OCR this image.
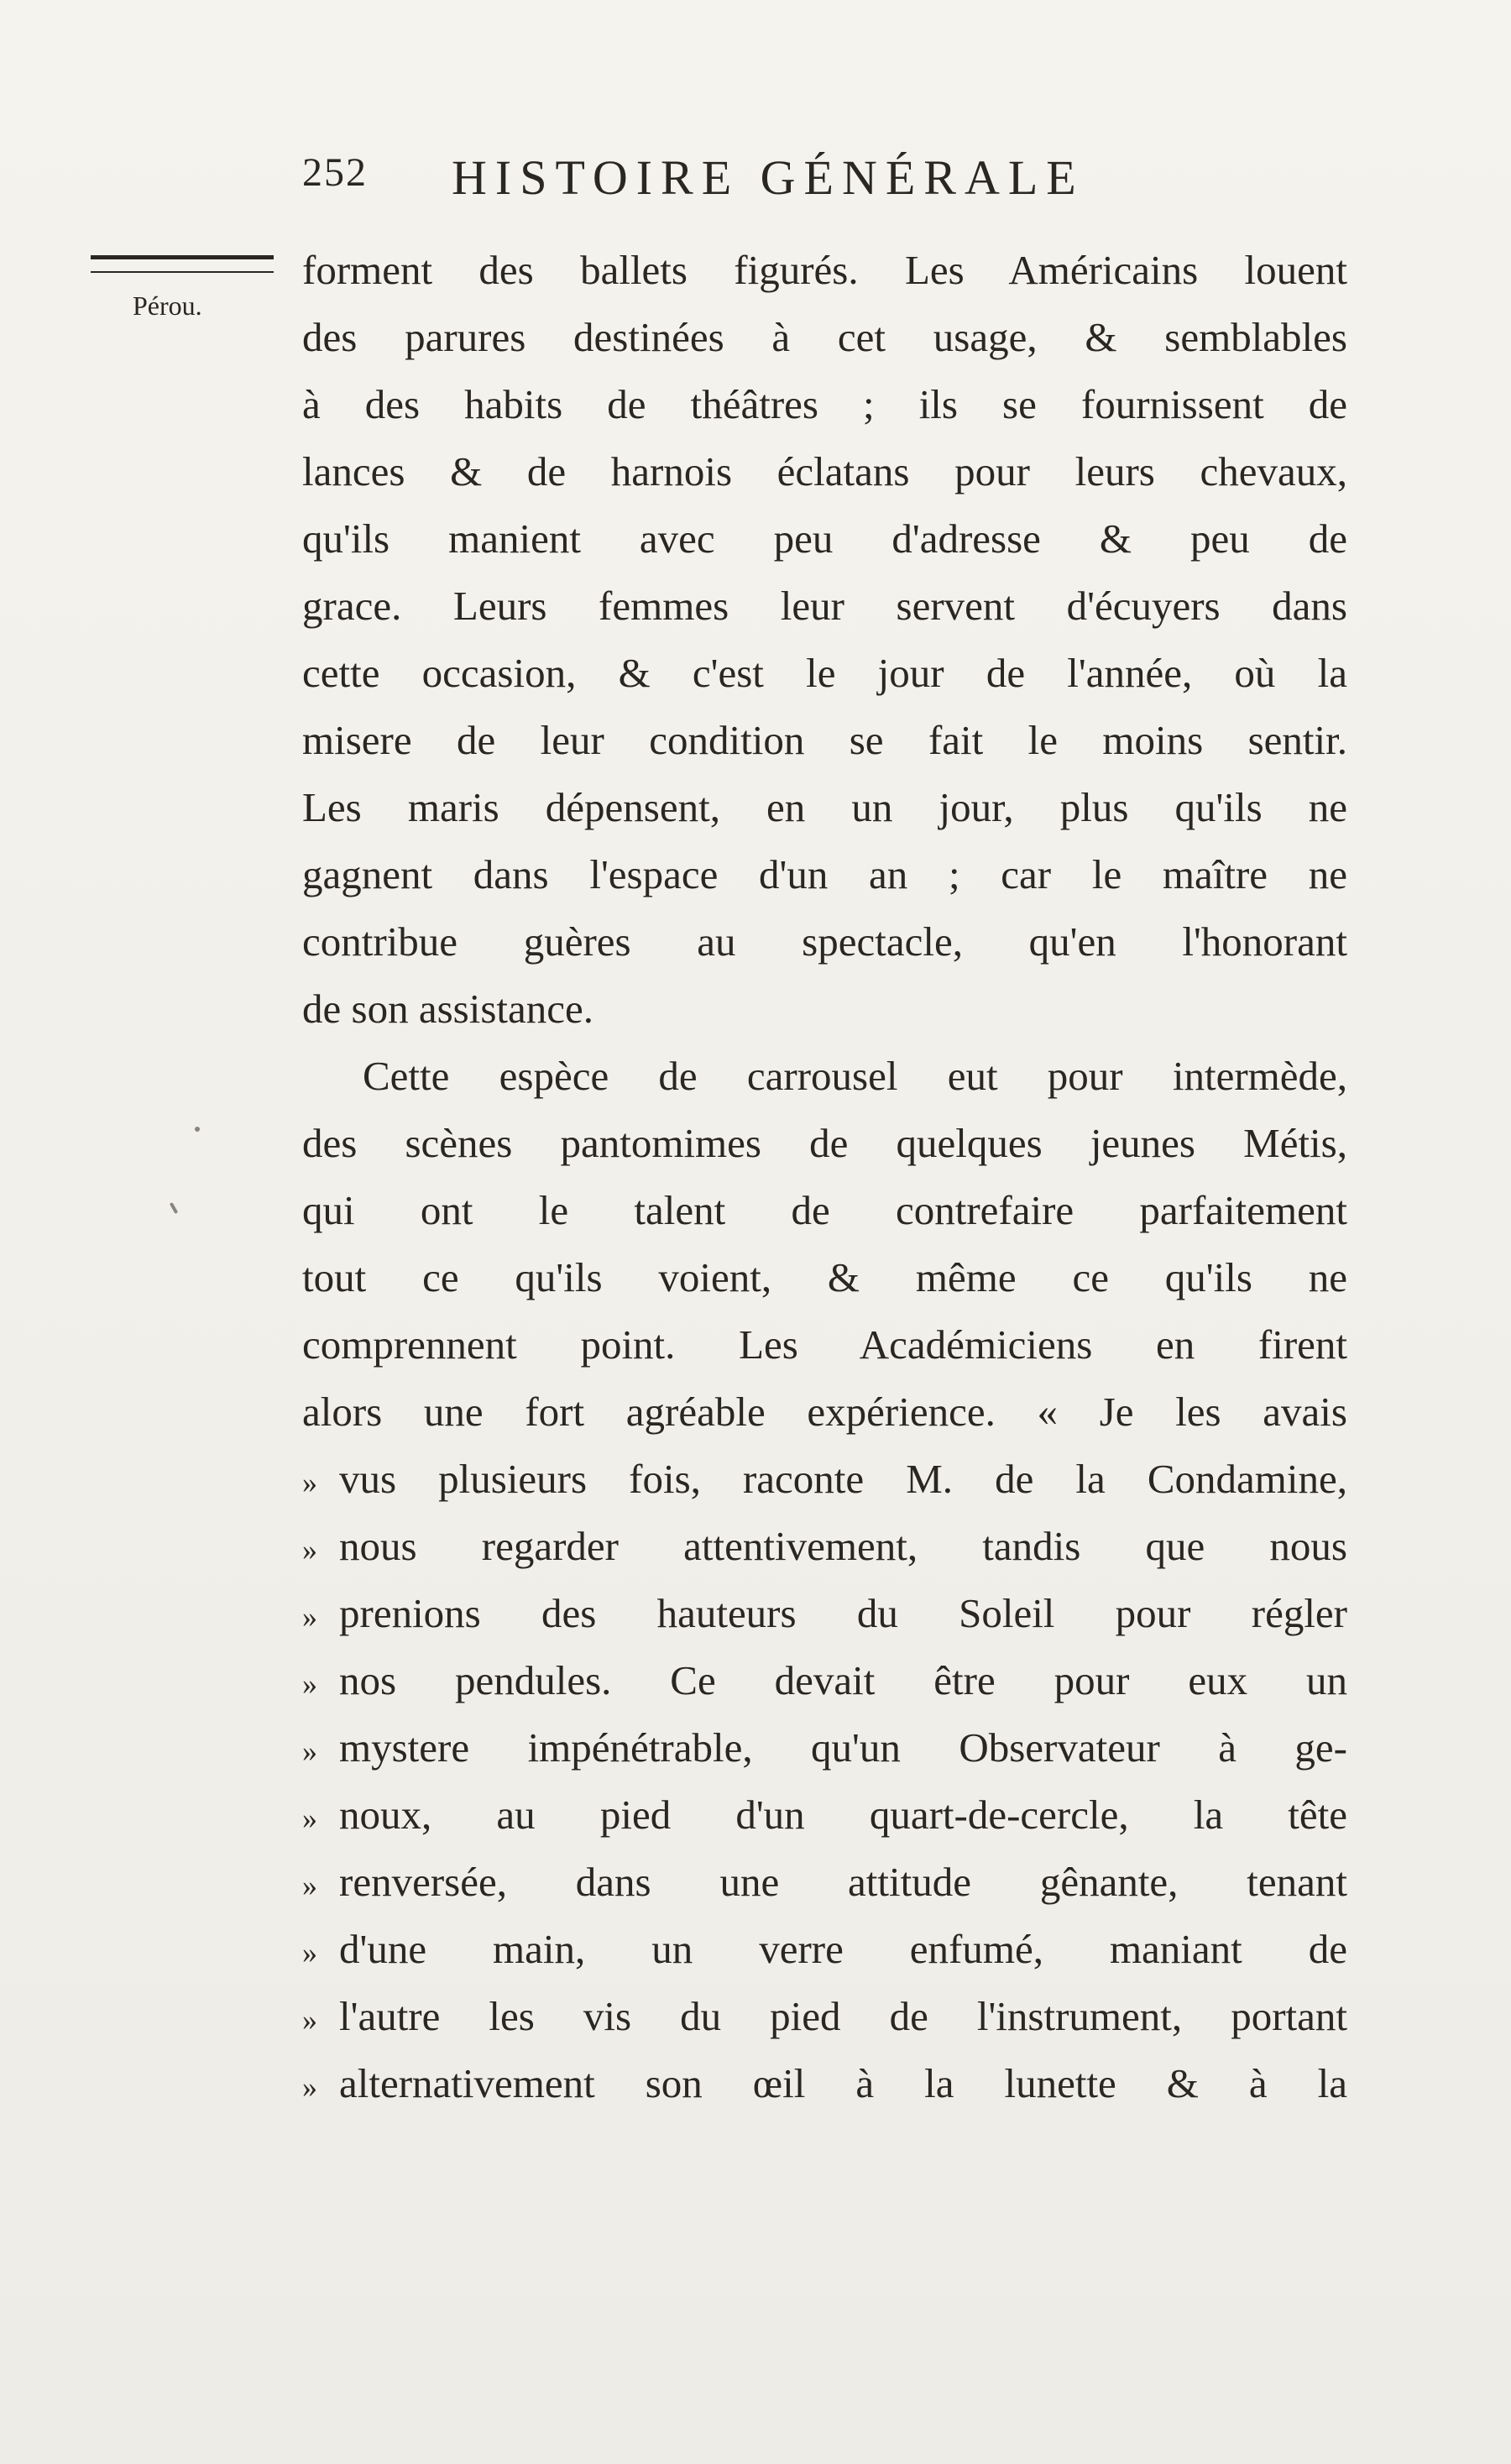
252 HISTOIRE GÉNÉRALE
Pérou.
forment des ballets figurés. Les Américains louent
des parures destinées à cet usage, & semblables
à des habits de théâtres ; ils se fournissent de
lances & de harnois éclatans pour leurs chevaux,
qu'ils manient avec peu d'adresse & peu de
grace. Leurs femmes leur servent d'écuyers dans
cette occasion, & c'est le jour de l'année, où la
misere de leur condition se fait le moins sentir.
Les maris dépensent, en un jour, plus qu'ils ne
gagnent dans l'espace d'un an ; car le maître ne
contribue guères au spectacle, qu'en l'honorant
de son assistance.
Cette espèce de carrousel eut pour intermède,
des scènes pantomimes de quelques jeunes Métis,
qui ont le talent de contrefaire parfaitement
tout ce qu'ils voient, & même ce qu'ils ne
comprennent point. Les Académiciens en firent
alors une fort agréable expérience. « Je les avais
» vus plusieurs fois, raconte M. de la Condamine,
» nous regarder attentivement, tandis que nous
» prenions des hauteurs du Soleil pour régler
» nos pendules. Ce devait être pour eux un
» mystere impénétrable, qu'un Observateur à ge-
» noux, au pied d'un quart-de-cercle, la tête
» renversée, dans une attitude gênante, tenant
» d'une main, un verre enfumé, maniant de
» l'autre les vis du pied de l'instrument, portant
» alternativement son œil à la lunette & à la
